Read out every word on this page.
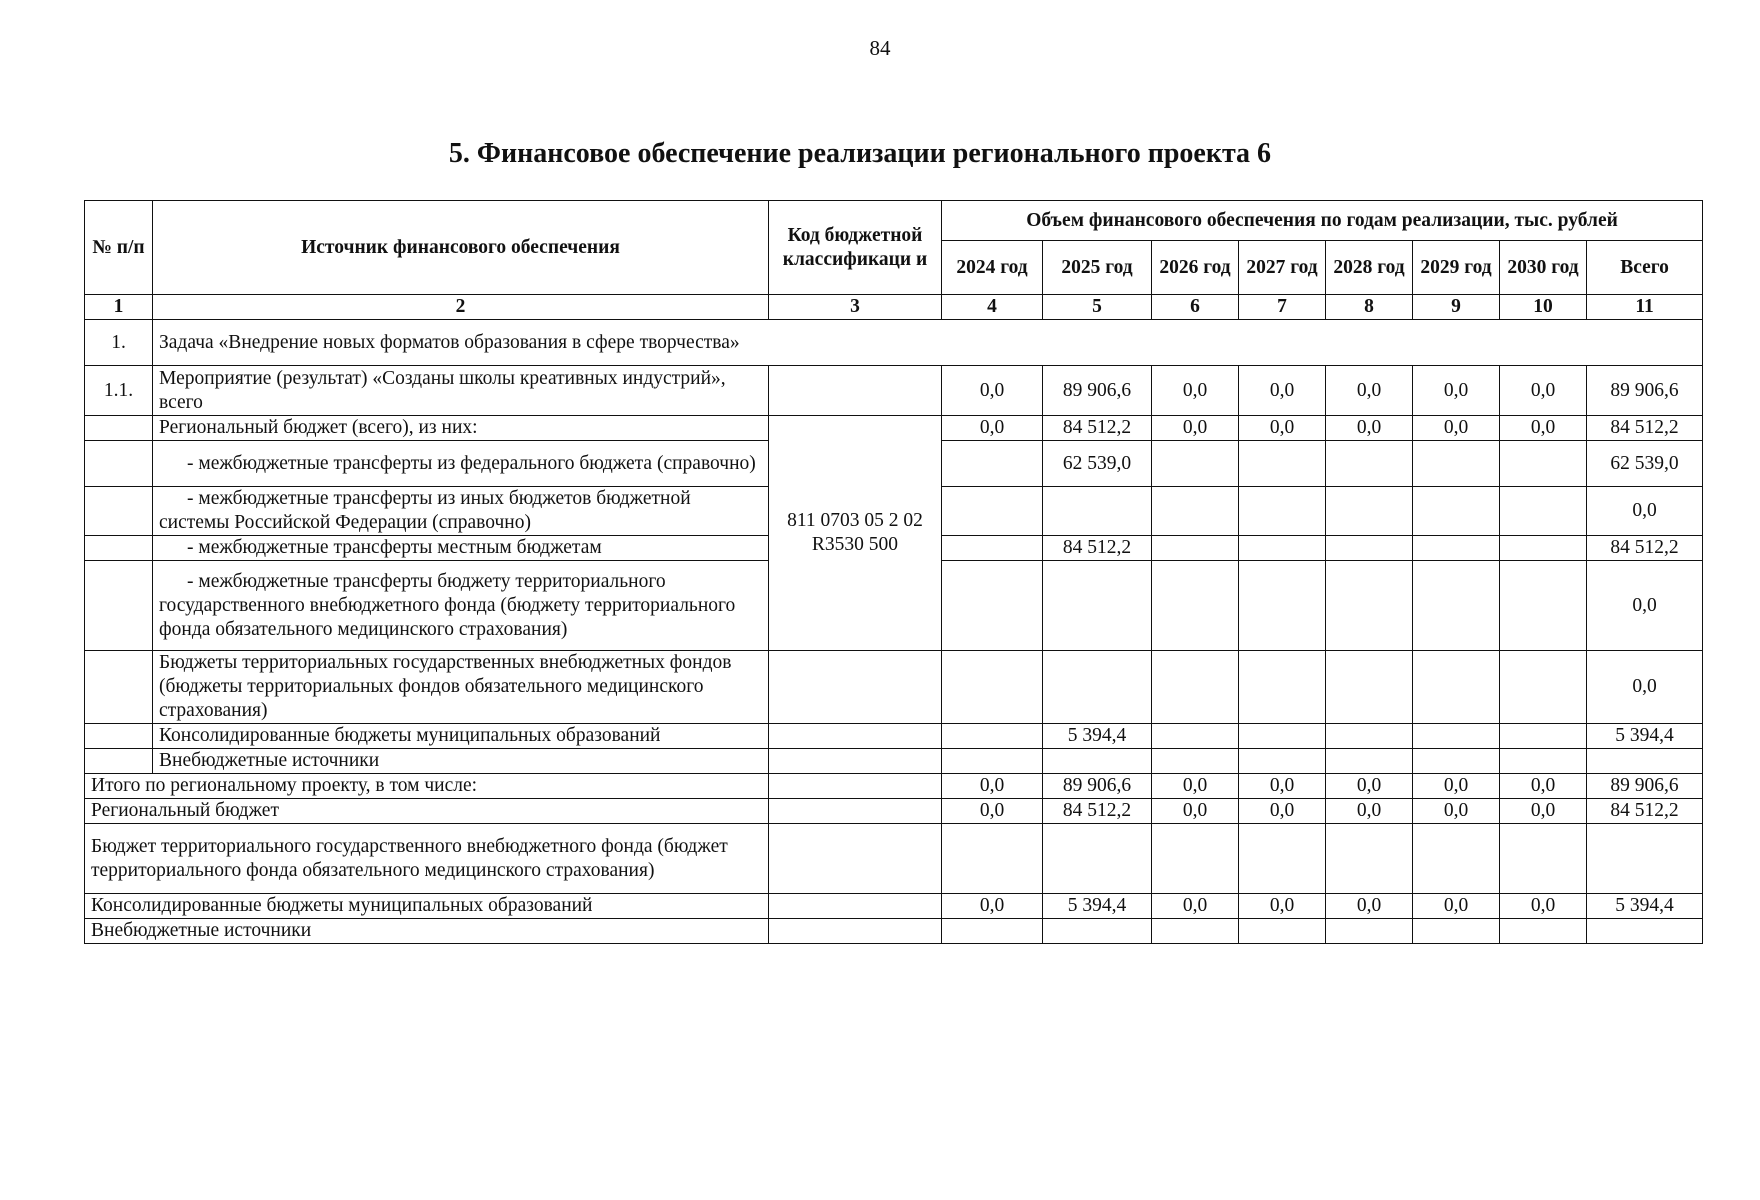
84
5. Финансовое обеспечение реализации регионального проекта 6
№ п/п	Источник финансового обеспечения	Код бюджетной классификаци и	Объем финансового обеспечения по годам реализации, тыс. рублей							
			2024 год	2025 год	2026 год	2027 год	2028 год	2029 год	2030 год	Всего
1	2	3	4	5	6	7	8	9	10	11
1.	Задача «Внедрение новых форматов образования в сфере творчества»									
1.1.	Мероприятие (результат) «Созданы школы креативных индустрий», всего		0,0	89 906,6	0,0	0,0	0,0	0,0	0,0	89 906,6
	Региональный бюджет (всего), из них:	811 0703 05 2 02 R3530 500	0,0	84 512,2	0,0	0,0	0,0	0,0	0,0	84 512,2
	- межбюджетные трансферты из федерального бюджета (справочно)			62 539,0						62 539,0
	- межбюджетные трансферты из иных бюджетов бюджетной системы Российской Федерации (справочно)									0,0
	- межбюджетные трансферты местным бюджетам			84 512,2						84 512,2
	- межбюджетные трансферты бюджету территориального государственного внебюджетного фонда (бюджету территориального фонда обязательного медицинского страхования)									0,0
	Бюджеты территориальных государственных внебюджетных фондов (бюджеты территориальных фондов обязательного медицинского страхования)									0,0
	Консолидированные бюджеты муниципальных образований			5 394,4						5 394,4
	Внебюджетные источники									
Итого по региональному проекту, в том числе:			0,0	89 906,6	0,0	0,0	0,0	0,0	0,0	89 906,6
Региональный бюджет			0,0	84 512,2	0,0	0,0	0,0	0,0	0,0	84 512,2
Бюджет территориального государственного внебюджетного фонда (бюджет территориального фонда обязательного медицинского страхования)										
Консолидированные бюджеты муниципальных образований			0,0	5 394,4	0,0	0,0	0,0	0,0	0,0	5 394,4
Внебюджетные источники										
